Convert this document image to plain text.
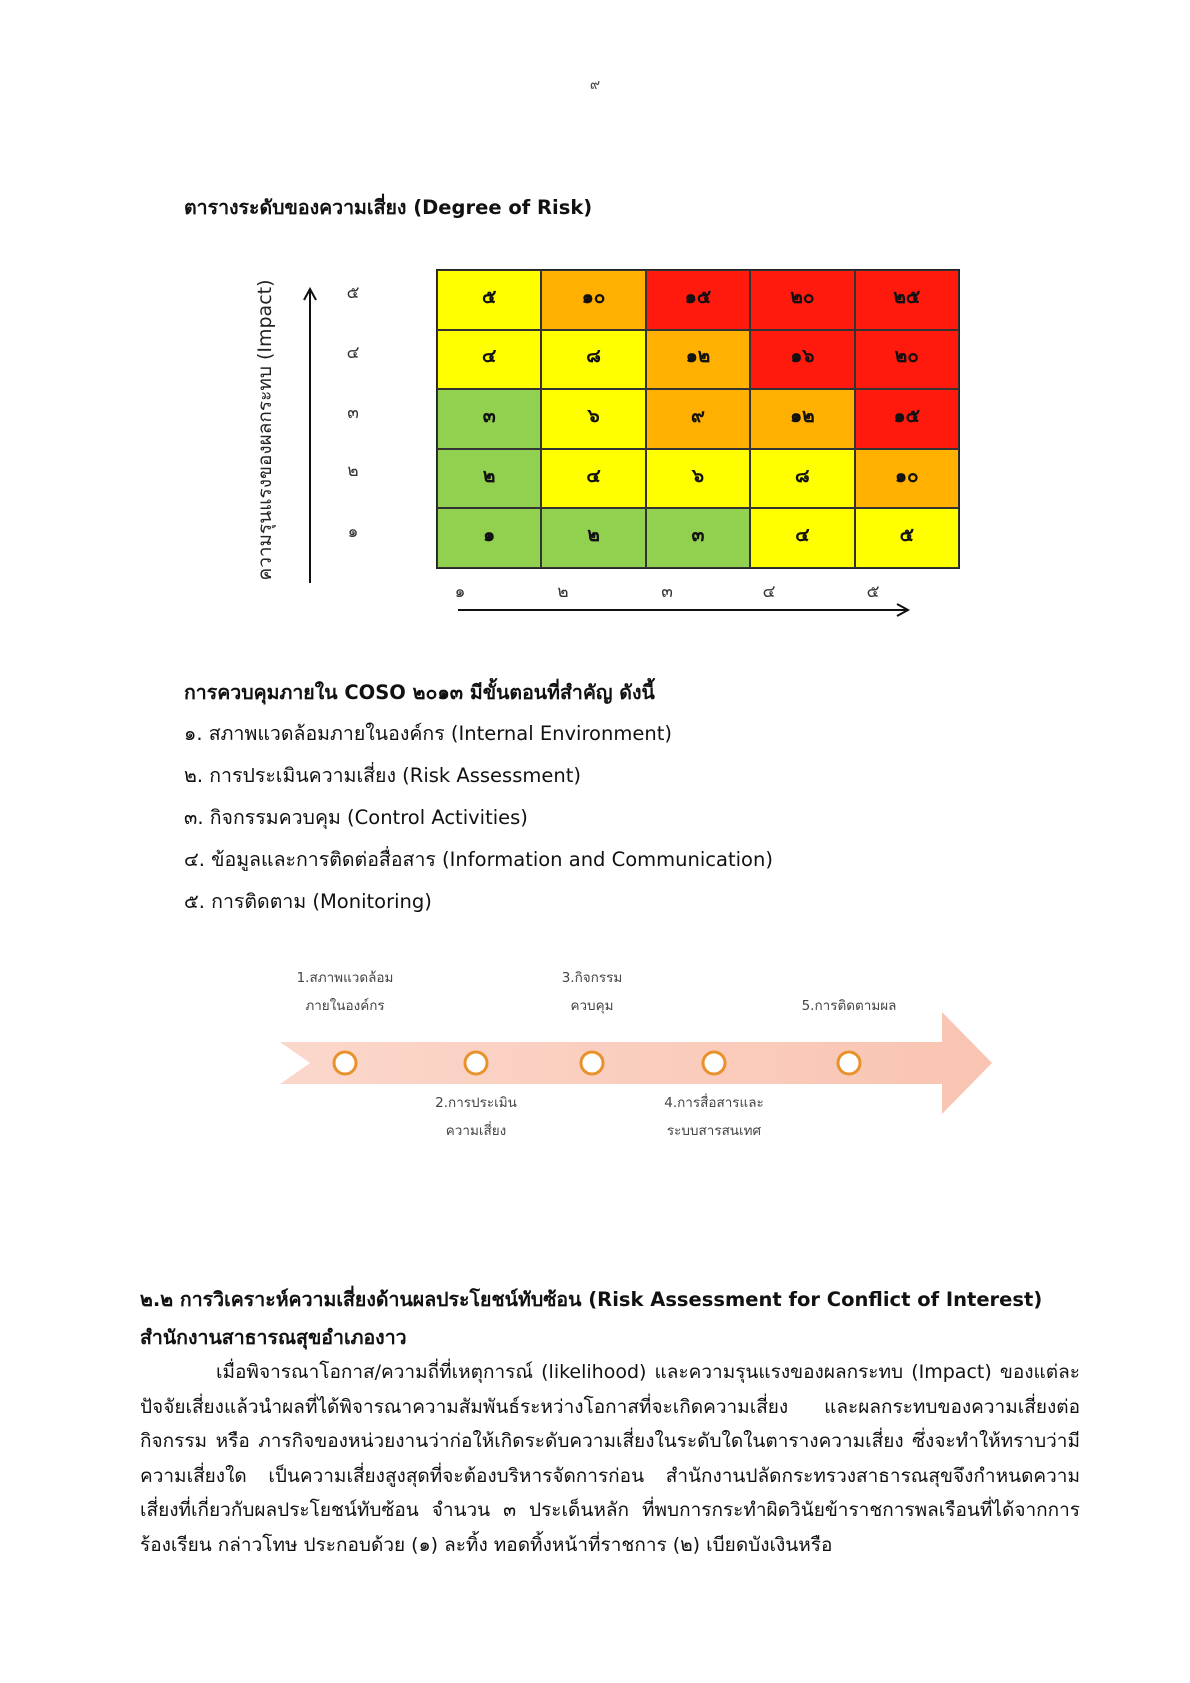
๙
ตารางระดับของความเสี่ยง (Degree of Risk)
ความรุนแรงของผลกระทบ (Impact)	๕
๔
๓
๒
๑
๕	๑๐	๑๕	๒๐	๒๕
๔	๘	๑๒	๑๖	๒๐
๓	๖	๙	๑๒	๑๕
๒	๔	๖	๘	๑๐
๑	๒	๓	๔	๕
๑	๒	๓	๔	๕
การควบคุมภายใน COSO ๒๐๑๓ มีขั้นตอนที่สำคัญ ดังนี้
๑. สภาพแวดล้อมภายในองค์กร (Internal Environment)
๒. การประเมินความเสี่ยง (Risk Assessment)
๓. กิจกรรมควบคุม (Control Activities)
๔. ข้อมูลและการติดต่อสื่อสาร (Information and Communication)
๕. การติดตาม (Monitoring)
1.สภาพแวดล้อม
ภายในองค์กร
2.การประเมิน
ความเสี่ยง
3.กิจกรรม
ควบคุม
4.การสื่อสารและ
ระบบสารสนเทศ
5.การติดตามผล
๒.๒ การวิเคราะห์ความเสี่ยงด้านผลประโยชน์ทับซ้อน (Risk Assessment for Conflict of Interest)
สำนักงานสาธารณสุขอำเภองาว
เมื่อพิจารณาโอกาส/ความถี่ที่เหตุการณ์ (likelihood) และความรุนแรงของผลกระทบ (Impact) ของแต่ละปัจจัยเสี่ยงแล้วนำผลที่ได้พิจารณาความสัมพันธ์ระหว่างโอกาสที่จะเกิดความเสี่ยง และผลกระทบของความเสี่ยงต่อกิจกรรม หรือ ภารกิจของหน่วยงานว่าก่อให้เกิดระดับความเสี่ยงในระดับใดในตารางความเสี่ยง ซึ่งจะทำให้ทราบว่ามีความเสี่ยงใด เป็นความเสี่ยงสูงสุดที่จะต้องบริหารจัดการก่อน สำนักงานปลัดกระทรวงสาธารณสุขจึงกำหนดความเสี่ยงที่เกี่ยวกับผลประโยชน์ทับซ้อน จำนวน ๓ ประเด็นหลัก ที่พบการกระทำผิดวินัยข้าราชการพลเรือนที่ได้จากการร้องเรียน กล่าวโทษ ประกอบด้วย (๑) ละทิ้ง ทอดทิ้งหน้าที่ราชการ (๒) เบียดบังเงินหรือ
